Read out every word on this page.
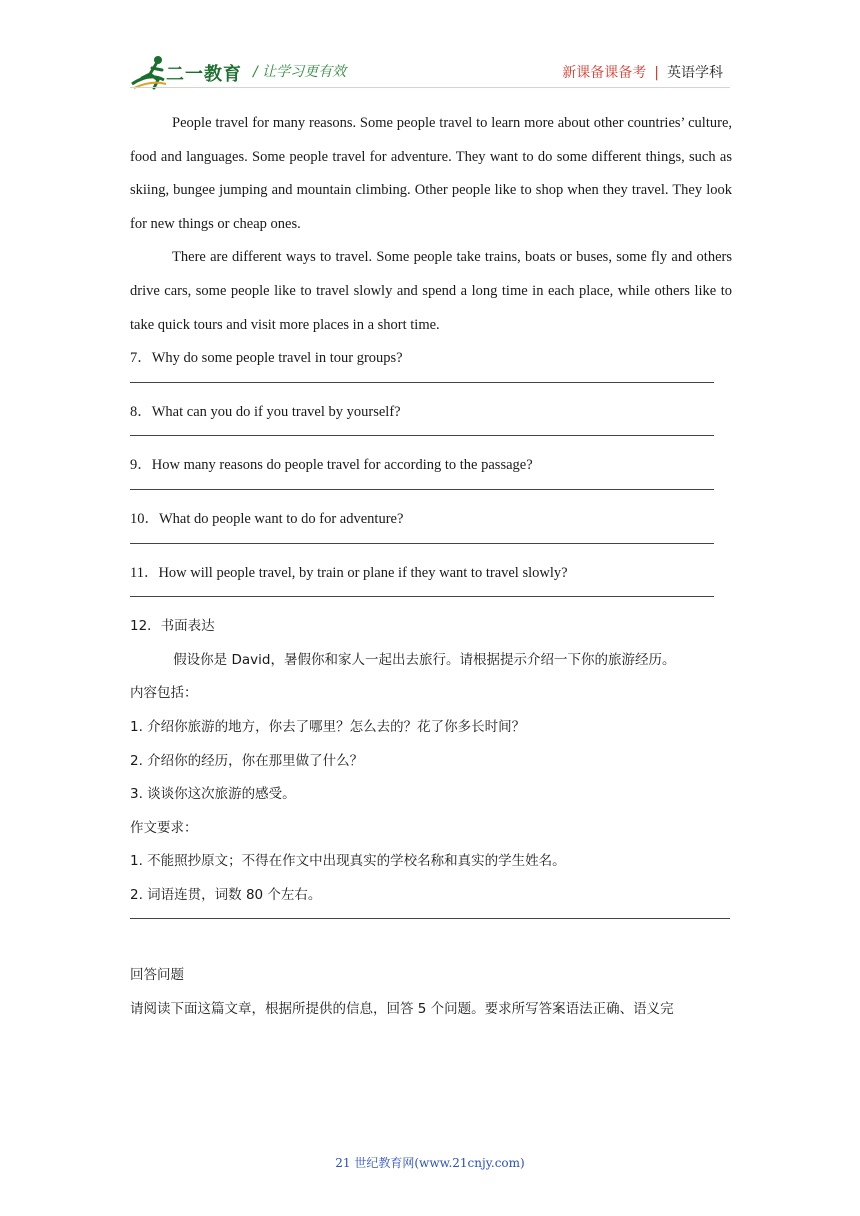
二一教育 / 让学习更有效	新课备课备考 | 英语学科

People travel for many reasons. Some people travel to learn more about other countries’ culture, food and languages. Some people travel for adventure. They want to do some different things, such as skiing, bungee jumping and mountain climbing. Other people like to shop when they travel. They look for new things or cheap ones.

There are different ways to travel. Some people take trains, boats or buses, some fly and others drive cars, some people like to travel slowly and spend a long time in each place, while others like to take quick tours and visit more places in a short time.

7．Why do some people travel in tour groups?

8．What can you do if you travel by yourself?

9．How many reasons do people travel for according to the passage?

10．What do people want to do for adventure?

11．How will people travel, by train or plane if they want to travel slowly?

12．书面表达

假设你是 David，暑假你和家人一起出去旅行。请根据提示介绍一下你的旅游经历。

内容包括：

1. 介绍你旅游的地方，你去了哪里？怎么去的？花了你多长时间？

2. 介绍你的经历，你在那里做了什么？

3. 谈谈你这次旅游的感受。

作文要求：

1. 不能照抄原文；不得在作文中出现真实的学校名称和真实的学生姓名。

2. 词语连贯，词数 80 个左右。

回答问题

请阅读下面这篇文章，根据所提供的信息，回答 5 个问题。要求所写答案语法正确、语义完

21 世纪教育网(www.21cnjy.com)
